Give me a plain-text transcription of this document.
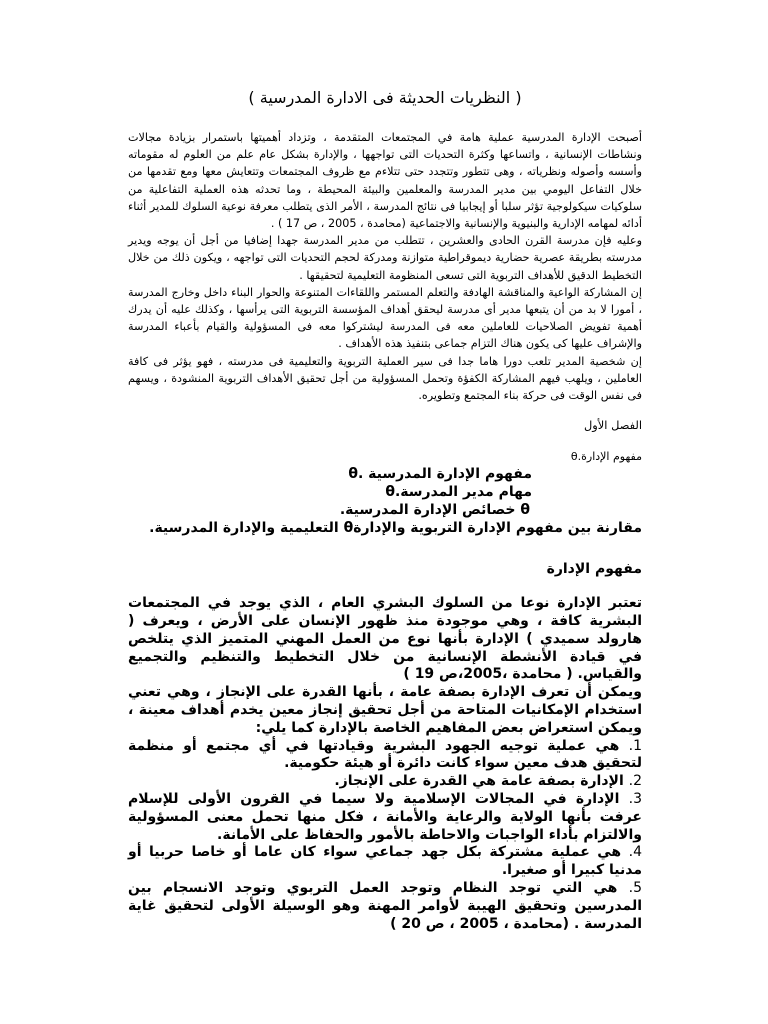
( النظريات الحديثة فى الادارة المدرسية )

أصبحت الإدارة المدرسية عملية هامة في المجتمعات المتقدمة ، وتزداد أهميتها باستمرار بزيادة مجالات ونشاطات الإنسانية ، واتساعها وكثرة التحديات التى تواجهها ، والإدارة بشكل عام علم من العلوم له مقوماته وأسسه وأصوله ونظرياته ، وهى تتطور وتتجدد حتى تتلاءم مع ظروف المجتمعات وتتعايش معها ومع تقدمها من خلال التفاعل اليومي بين مدير المدرسة والمعلمين والبيئة المحيطة ، وما تحدثه هذه العملية التفاعلية من سلوكيات سيكولوجية تؤثر سلبا أو إيجابيا فى نتائج المدرسة ، الأمر الذى يتطلب معرفة نوعية السلوك للمدير أثناء أدائه لمهامه الإدارية والبنيوية والإنسانية والاجتماعية (محامدة ، 2005 ، ص 17 ) .

وعليه فإن مدرسة القرن الحادى والعشرين ، تتطلب من مدير المدرسة جهدا إضافيا من أجل أن يوجه ويدير مدرسته بطريقة عصرية حضارية ديموقراطية متوازنة ومدركة لحجم التحديات التى تواجهه ، ويكون ذلك من خلال التخطيط الدقيق للأهداف التربوية التى تسعى المنظومة التعليمية لتحقيقها .

إن المشاركة الواعية والمناقشة الهادفة والتعلم المستمر واللقاءات المتنوعة والحوار البناء داخل وخارج المدرسة ، أمورا لا بد من أن يتبعها مدير أى مدرسة ليحقق أهداف المؤسسة التربوية التى يرأسها ، وكذلك عليه أن يدرك أهمية تفويض الصلاحيات للعاملين معه فى المدرسة ليشتركوا معه فى المسؤولية والقيام بأعباء المدرسة والإشراف عليها كى يكون هناك التزام جماعى بتنفيذ هذه الأهداف .

إن شخصية المدير تلعب دورا هاما جدا فى سير العملية التربوية والتعليمية فى مدرسته ، فهو يؤثر فى كافة العاملين ، ويلهب فيهم المشاركة الكفؤة وتحمل المسؤولية من أجل تحقيق الأهداف التربوية المنشودة ، ويسهم فى نفس الوقت فى حركة بناء المجتمع وتطويره.

الفصل الأول
مفهوم الإدارة.θ
مفهوم الإدارة المدرسية .θ
مهام مدير المدرسة.θ
θ خصائص الإدارة المدرسية.
مقارنة بين مفهوم الإدارة التربوية والإدارةθ التعليمية والإدارة المدرسية.
مفهوم الإدارة

تعتبر الإدارة نوعا من السلوك البشري العام ، الذي يوجد في المجتمعات البشرية كافة ، وهي موجودة منذ ظهور الإنسان على الأرض ، ويعرف ( هارولد سميدي ) الإدارة بأنها نوع من العمل المهني المتميز الذي يتلخص في قيادة الأنشطة الإنسانية من خلال التخطيط والتنظيم والتجميع والقياس. ( محامدة ،2005،ص 19 )

ويمكن أن تعرف الإدارة بصفة عامة ، بأنها القدرة على الإنجاز ، وهي تعني استخدام الإمكانيات المتاحة من أجل تحقيق إنجاز معين يخدم أهداف معينة ، ويمكن استعراض بعض المفاهيم الخاصة بالإدارة كما يلي:

1. هي عملية توجيه الجهود البشرية وقيادتها في أي مجتمع أو منظمة لتحقيق هدف معين سواء كانت دائرة أو هيئة حكومية.
2. الإدارة بصفة عامة هي القدرة على الإنجاز.
3. الإدارة في المجالات الإسلامية ولا سيما في القرون الأولى للإسلام عرفت بأنها الولاية والرعاية والأمانة ، فكل منها تحمل معنى المسؤولية والالتزام بأداء الواجبات والاحاطة بالأمور والحفاظ على الأمانة.
4. هي عملية مشتركة بكل جهد جماعي سواء كان عاما أو خاصا حربيا أو مدنيا كبيرا أو صغيرا.
5. هي التي توجد النظام وتوجد العمل التربوي وتوجد الانسجام بين المدرسين وتحقيق الهيبة لأوامر المهنة وهو الوسيلة الأولى لتحقيق غاية المدرسة . (محامدة ، 2005 ، ص 20 )
